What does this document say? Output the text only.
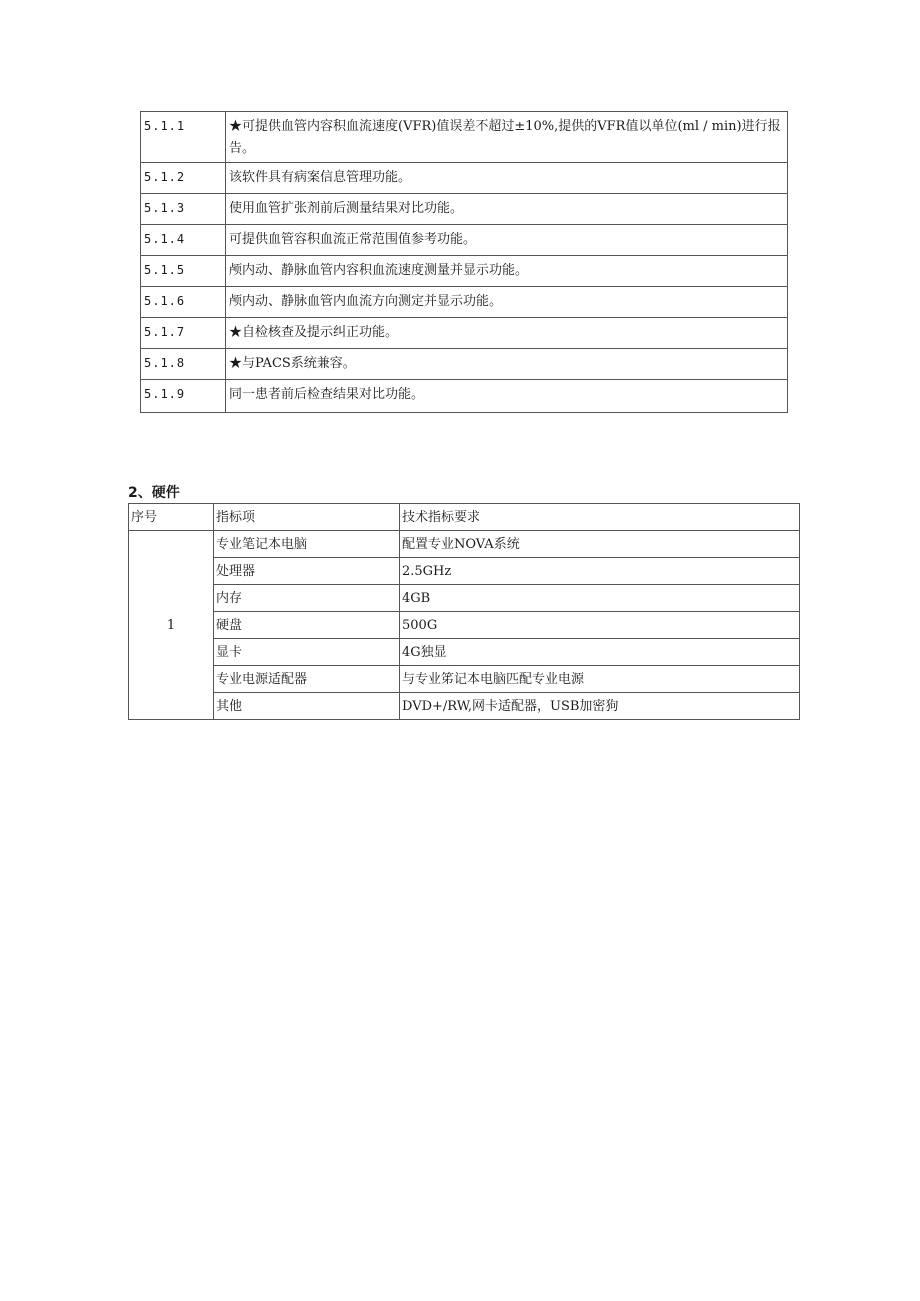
5.1.1	★可提供血管内容积血流速度(VFR)值误差不超过±10%,提供的VFR值以单位(ml / min)进行报告。
5.1.2	该软件具有病案信息管理功能。
5.1.3	使用血管扩张剂前后测量结果对比功能。
5.1.4	可提供血管容积血流正常范围值参考功能。
5.1.5	颅内动、静脉血管内容积血流速度测量并显示功能。
5.1.6	颅内动、静脉血管内血流方向测定并显示功能。
5.1.7	★自检核查及提示纠正功能。
5.1.8	★与PACS系统兼容。
5.1.9	同一患者前后检查结果对比功能。
2、硬件
序号	指标项	技术指标要求
1	专业笔记本电脑	配置专业NOVA系统
	处理器	2.5GHz
	内存	4GB
	硬盘	500G
	显卡	4G独显
	专业电源适配器	与专业笫记本电脑匹配专业电源
	其他	DVD+/RW,网卡适配器，USB加密狗
